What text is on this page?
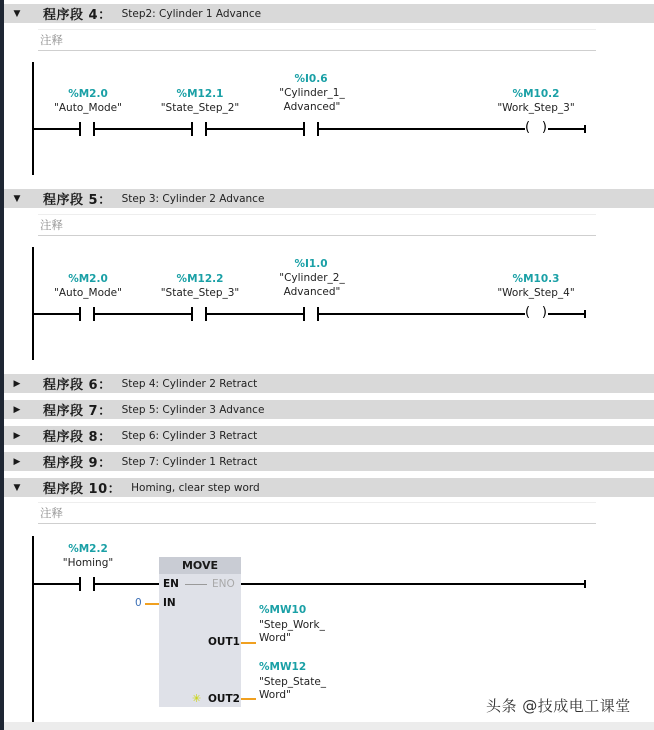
▼	程序段 4： Step2: Cylinder 1 Advance
注释
%M2.0
"Auto_Mode"
%M12.1
"State_Step_2"
%I0.6
"Cylinder_1_
Advanced"
( )
%M10.2
"Work_Step_3"
▼	程序段 5： Step 3: Cylinder 2 Advance
注释
%M2.0
"Auto_Mode"
%M12.2
"State_Step_3"
%I1.0
"Cylinder_2_
Advanced"
( )
%M10.3
"Work_Step_4"
▶	程序段 6： Step 4: Cylinder 2 Retract
▶	程序段 7： Step 5: Cylinder 3 Advance
▶	程序段 8： Step 6: Cylinder 3 Retract
▶	程序段 9： Step 7: Cylinder 1 Retract
▼	程序段 10： Homing, clear step word
注释
%M2.2
"Homing"	MOVE
EN	ENO
0 IN
OUT1
%MW10
"Step_Work_
Word"
✳ OUT2
%MW12
"Step_State_
Word"
头条 @技成电工课堂
